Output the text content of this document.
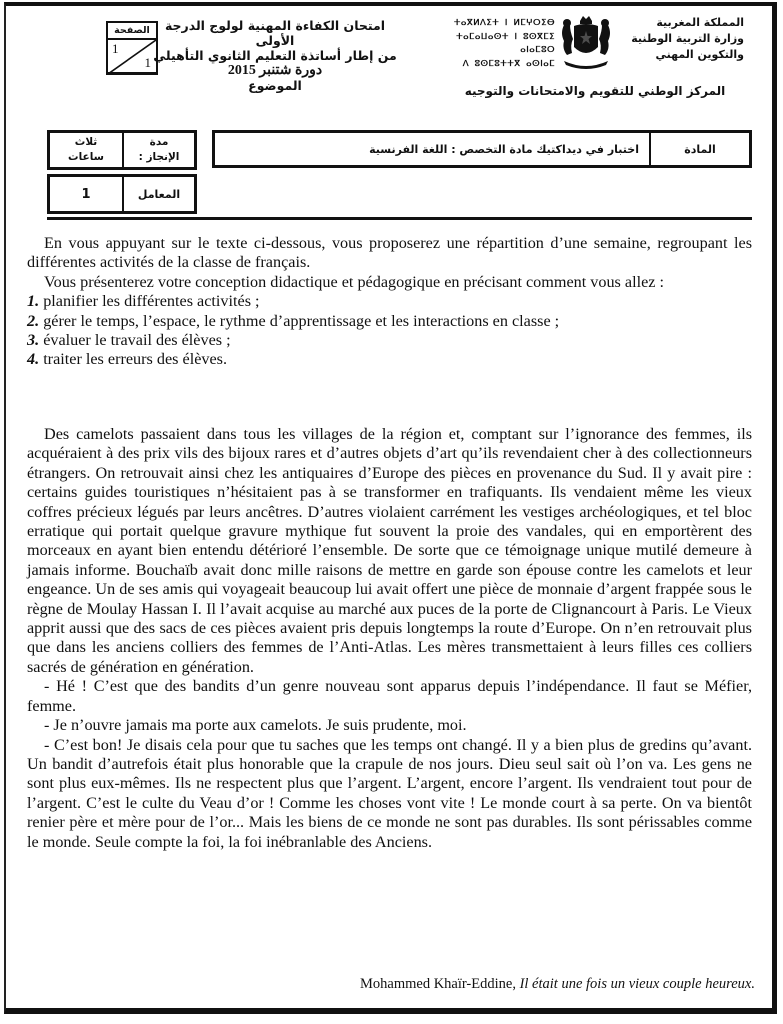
امتحان الكفاءة المهنية لولوج الدرجة الأولى
من إطار أساتذة التعليم الثانوي التأهيلي
دورة شتنبر 2015
الموضوع
الصفحة
1
1
ⵜⴰⴳⵍⴷⵉⵜ ⵏ ⵍⵎⵖⵔⵉⴱ
ⵜⴰⵎⴰⵡⴰⵙⵜ ⵏ ⵓⵙⴳⵎⵉ ⴰⵏⴰⵎⵓⵔ
ⴷ ⵓⵙⵎⵓⵜⵜⴳ ⴰⵙⵏⴰⵎ
المملكة المغربية
وزارة التربية الوطنية
والتكوين المهني
المركز الوطني للتقويم والامتحانات والتوجيه
المادة
اختبار في ديداكتيك مادة التخصص : اللغة الفرنسية
مدة
الإنجاز :
ثلاث
ساعات
المعامل
1

En vous appuyant sur le texte ci-dessous, vous proposerez une répartition d’une semaine, regroupant les différentes activités de la classe de français.

Vous présenterez votre conception didactique et pédagogique en précisant comment vous allez :

1. planifier les différentes activités ;

2. gérer le temps, l’espace, le rythme d’apprentissage et les interactions en classe ;

3. évaluer le travail des élèves ;

4. traiter les erreurs des élèves.

Des camelots passaient dans tous les villages de la région et, comptant sur l’ignorance des femmes, ils acquéraient à des prix vils des bijoux rares et d’autres objets d’art qu’ils revendaient cher à des collectionneurs étrangers. On retrouvait ainsi chez les antiquaires d’Europe des pièces en provenance du Sud. Il y avait pire : certains guides touristiques n’hésitaient pas à se transformer en trafiquants. Ils vendaient même les vieux coffres précieux légués par leurs ancêtres. D’autres violaient carrément les vestiges archéologiques, et tel bloc erratique qui portait quelque gravure mythique fut souvent la proie des vandales, qui en emportèrent des morceaux en ayant bien entendu détérioré l’ensemble. De sorte que ce témoignage unique mutilé demeure à jamais informe. Bouchaïb avait donc mille raisons de mettre en garde son épouse contre les camelots et leur engeance. Un de ses amis qui voyageait beaucoup lui avait offert une pièce de monnaie d’argent frappée sous le règne de Moulay Hassan I. Il l’avait acquise au marché aux puces de la porte de Clignancourt à Paris. Le Vieux apprit aussi que des sacs de ces pièces avaient pris depuis longtemps la route d’Europe. On n’en retrouvait plus que dans les anciens colliers des femmes de l’Anti-Atlas. Les mères transmettaient à leurs filles ces colliers sacrés de génération en génération.

- Hé ! C’est que des bandits d’un genre nouveau sont apparus depuis l’indépendance. Il faut se Méfier, femme.

- Je n’ouvre jamais ma porte aux camelots. Je suis prudente, moi.

- C’est bon! Je disais cela pour que tu saches que les temps ont changé. Il y a bien plus de gredins qu’avant. Un bandit d’autrefois était plus honorable que la crapule de nos jours. Dieu seul sait où l’on va. Les gens ne sont plus eux-mêmes. Ils ne respectent plus que l’argent. L’argent, encore l’argent. Ils vendraient tout pour de l’argent. C’est le culte du Veau d’or ! Comme les choses vont vite ! Le monde court à sa perte. On va bientôt renier père et mère pour de l’or... Mais les biens de ce monde ne sont pas durables. Ils sont périssables comme le monde. Seule compte la foi, la foi inébranlable des Anciens.

Mohammed Khaïr-Eddine, Il était une fois un vieux couple heureux.
